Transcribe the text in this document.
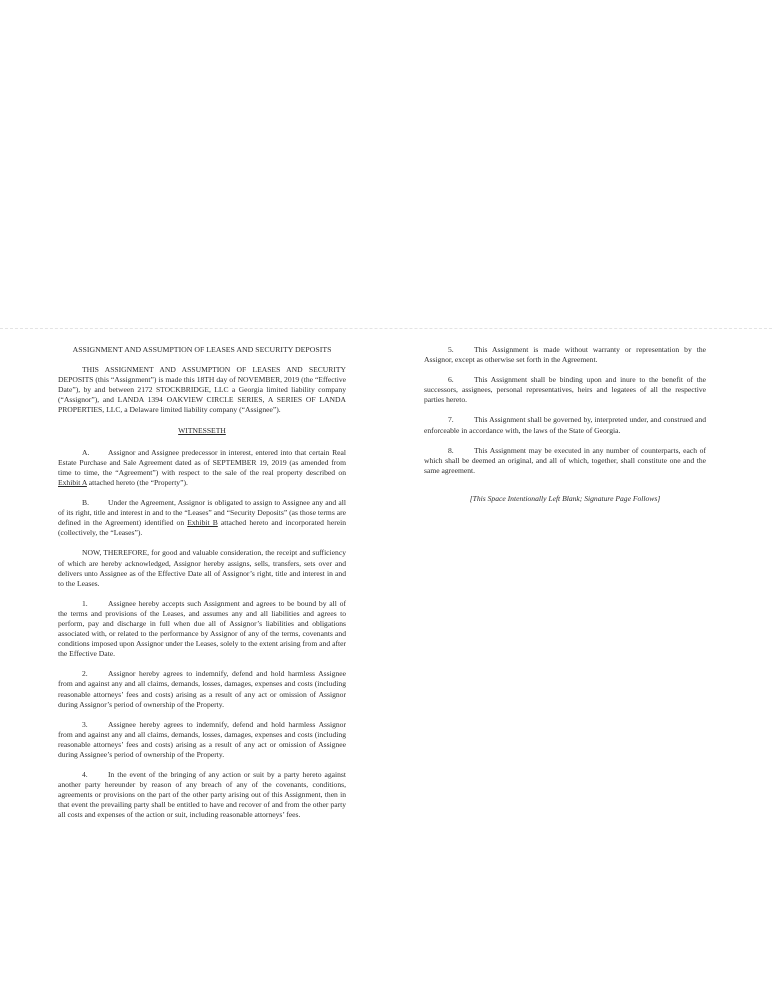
ASSIGNMENT AND ASSUMPTION OF LEASES AND SECURITY DEPOSITS

THIS ASSIGNMENT AND ASSUMPTION OF LEASES AND SECURITY DEPOSITS (this “Assignment”) is made this 18TH day of NOVEMBER, 2019 (the “Effective Date”), by and between 2172 STOCKBRIDGE, LLC a Georgia limited liability company (“Assignor”), and LANDA 1394 OAKVIEW CIRCLE SERIES, A SERIES OF LANDA PROPERTIES, LLC, a Delaware limited liability company (“Assignee”).

WITNESSETH

A. Assignor and Assignee predecessor in interest, entered into that certain Real Estate Purchase and Sale Agreement dated as of SEPTEMBER 19, 2019 (as amended from time to time, the “Agreement”) with respect to the sale of the real property described on Exhibit A attached hereto (the “Property”).

B.	Under the Agreement, Assignor is obligated to assign to Assignee any and all of its right, title and interest in and to the “Leases” and “Security Deposits” (as those terms are defined in the Agreement) identified on Exhibit B attached hereto and incorporated herein (collectively, the “Leases”).

NOW, THEREFORE, for good and valuable consideration, the receipt and sufficiency of which are hereby acknowledged, Assignor hereby assigns, sells, transfers, sets over and delivers unto Assignee as of the Effective Date all of Assignor’s right, title and interest in and to the Leases.

1.	Assignee hereby accepts such Assignment and agrees to be bound by all of the terms and provisions of the Leases, and assumes any and all liabilities and agrees to perform, pay and discharge in full when due all of Assignor’s liabilities and obligations associated with, or related to the performance by Assignor of any of the terms, covenants and conditions imposed upon Assignor under the Leases, solely to the extent arising from and after the Effective Date.

2.	Assignor hereby agrees to indemnify, defend and hold harmless Assignee from and against any and all claims, demands, losses, damages, expenses and costs (including reasonable attorneys’ fees and costs) arising as a result of any act or omission of Assignor during Assignor’s period of ownership of the Property.

3.	Assignee hereby agrees to indemnify, defend and hold harmless Assignor from and against any and all claims, demands, losses, damages, expenses and costs (including reasonable attorneys’ fees and costs) arising as a result of any act or omission of Assignee during Assignee’s period of ownership of the Property.

4.	In the event of the bringing of any action or suit by a party hereto against another party hereunder by reason of any breach of any of the covenants, conditions, agreements or provisions on the part of the other party arising out of this Assignment, then in that event the prevailing party shall be entitled to have and recover of and from the other party all costs and expenses of the action or suit, including reasonable attorneys’ fees.

5.	This Assignment is made without warranty or representation by the Assignor, except as otherwise set forth in the Agreement.

6.	This Assignment shall be binding upon and inure to the benefit of the successors, assignees, personal representatives, heirs and legatees of all the respective parties hereto.

7.	This Assignment shall be governed by, interpreted under, and construed and enforceable in accordance with, the laws of the State of Georgia.

8.	This Assignment may be executed in any number of counterparts, each of which shall be deemed an original, and all of which, together, shall constitute one and the same agreement.

[This Space Intentionally Left Blank; Signature Page Follows]
